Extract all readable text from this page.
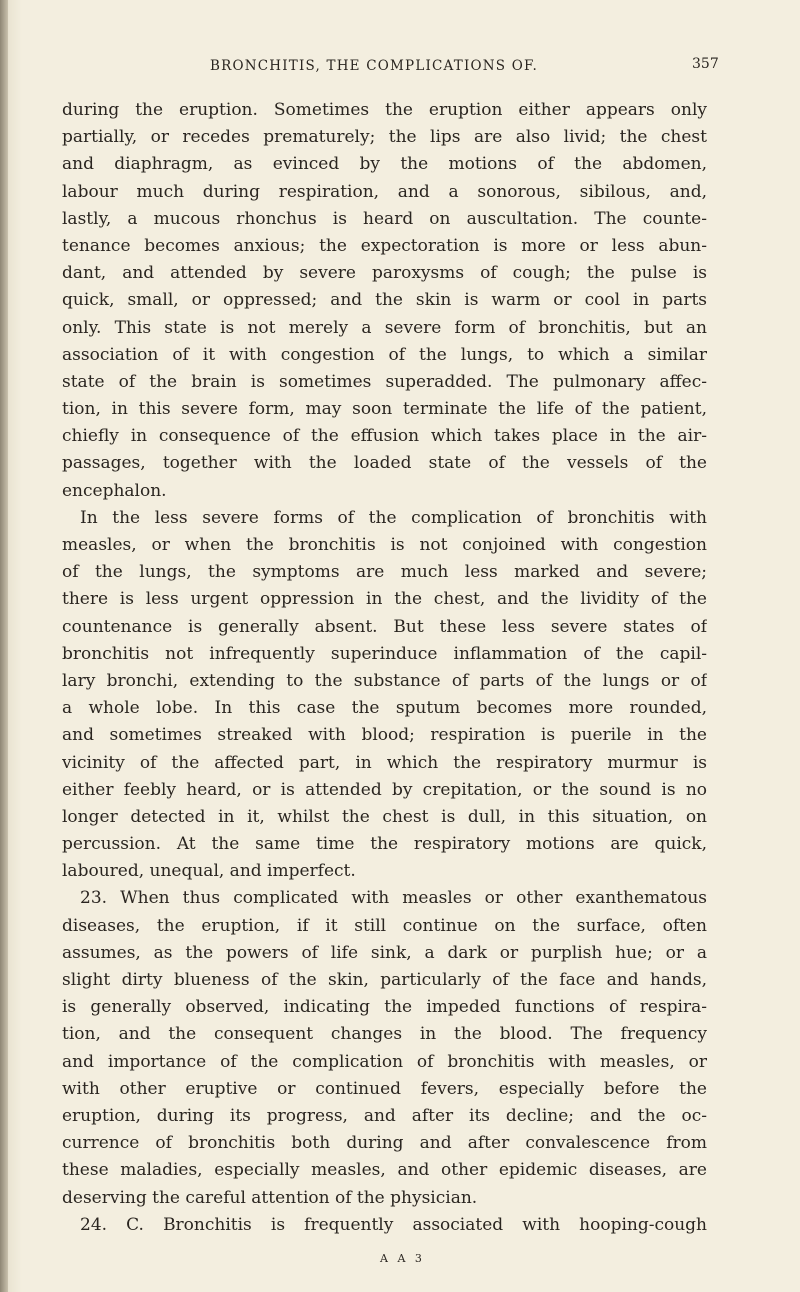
BRONCHITIS, THE COMPLICATIONS OF.	357
during the eruption. Sometimes the eruption either appears only
partially, or recedes prematurely; the lips are also livid; the chest
and diaphragm, as evinced by the motions of the abdomen,
labour much during respiration, and a sonorous, sibilous, and,
lastly, a mucous rhonchus is heard on auscultation. The counte-
tenance becomes anxious; the expectoration is more or less abun-
dant, and attended by severe paroxysms of cough; the pulse is
quick, small, or oppressed; and the skin is warm or cool in parts
only. This state is not merely a severe form of bronchitis, but an
association of it with congestion of the lungs, to which a similar
state of the brain is sometimes superadded. The pulmonary affec-
tion, in this severe form, may soon terminate the life of the patient,
chiefly in consequence of the effusion which takes place in the air-
passages, together with the loaded state of the vessels of the
encephalon.
In the less severe forms of the complication of bronchitis with
measles, or when the bronchitis is not conjoined with congestion
of the lungs, the symptoms are much less marked and severe;
there is less urgent oppression in the chest, and the lividity of the
countenance is generally absent. But these less severe states of
bronchitis not infrequently superinduce inflammation of the capil-
lary bronchi, extending to the substance of parts of the lungs or of
a whole lobe. In this case the sputum becomes more rounded,
and sometimes streaked with blood; respiration is puerile in the
vicinity of the affected part, in which the respiratory murmur is
either feebly heard, or is attended by crepitation, or the sound is no
longer detected in it, whilst the chest is dull, in this situation, on
percussion. At the same time the respiratory motions are quick,
laboured, unequal, and imperfect.
23. When thus complicated with measles or other exanthematous
diseases, the eruption, if it still continue on the surface, often
assumes, as the powers of life sink, a dark or purplish hue; or a
slight dirty blueness of the skin, particularly of the face and hands,
is generally observed, indicating the impeded functions of respira-
tion, and the consequent changes in the blood. The frequency
and importance of the complication of bronchitis with measles, or
with other eruptive or continued fevers, especially before the
eruption, during its progress, and after its decline; and the oc-
currence of bronchitis both during and after convalescence from
these maladies, especially measles, and other epidemic diseases, are
deserving the careful attention of the physician.
24. C. Bronchitis is frequently associated with hooping-cough
A A 3
